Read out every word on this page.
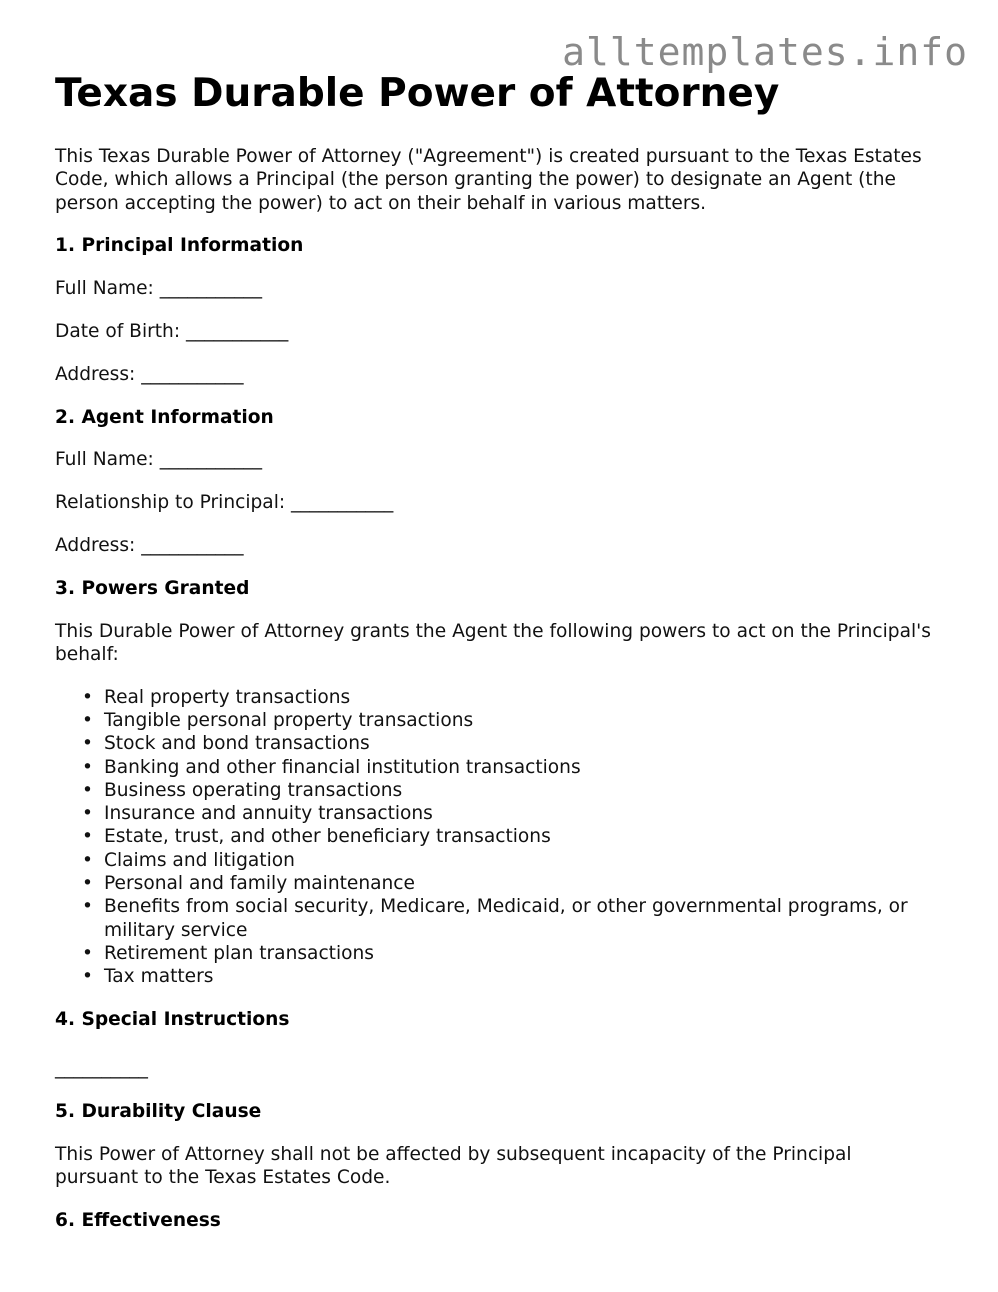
alltemplates.info
Texas Durable Power of Attorney

This Texas Durable Power of Attorney ("Agreement") is created pursuant to the Texas Estates Code, which allows a Principal (the person granting the power) to designate an Agent (the person accepting the power) to act on their behalf in various matters.

1. Principal Information

Full Name: ___________

Date of Birth: ___________

Address: ___________

2. Agent Information

Full Name: ___________

Relationship to Principal: ___________

Address: ___________

3. Powers Granted

This Durable Power of Attorney grants the Agent the following powers to act on the Principal's behalf:

• Real property transactions
• Tangible personal property transactions
• Stock and bond transactions
• Banking and other financial institution transactions
• Business operating transactions
• Insurance and annuity transactions
• Estate, trust, and other beneficiary transactions
• Claims and litigation
• Personal and family maintenance
• Benefits from social security, Medicare, Medicaid, or other governmental programs, or military service
• Retirement plan transactions
• Tax matters
4. Special Instructions

__________

5. Durability Clause

This Power of Attorney shall not be affected by subsequent incapacity of the Principal pursuant to the Texas Estates Code.

6. Effectiveness
